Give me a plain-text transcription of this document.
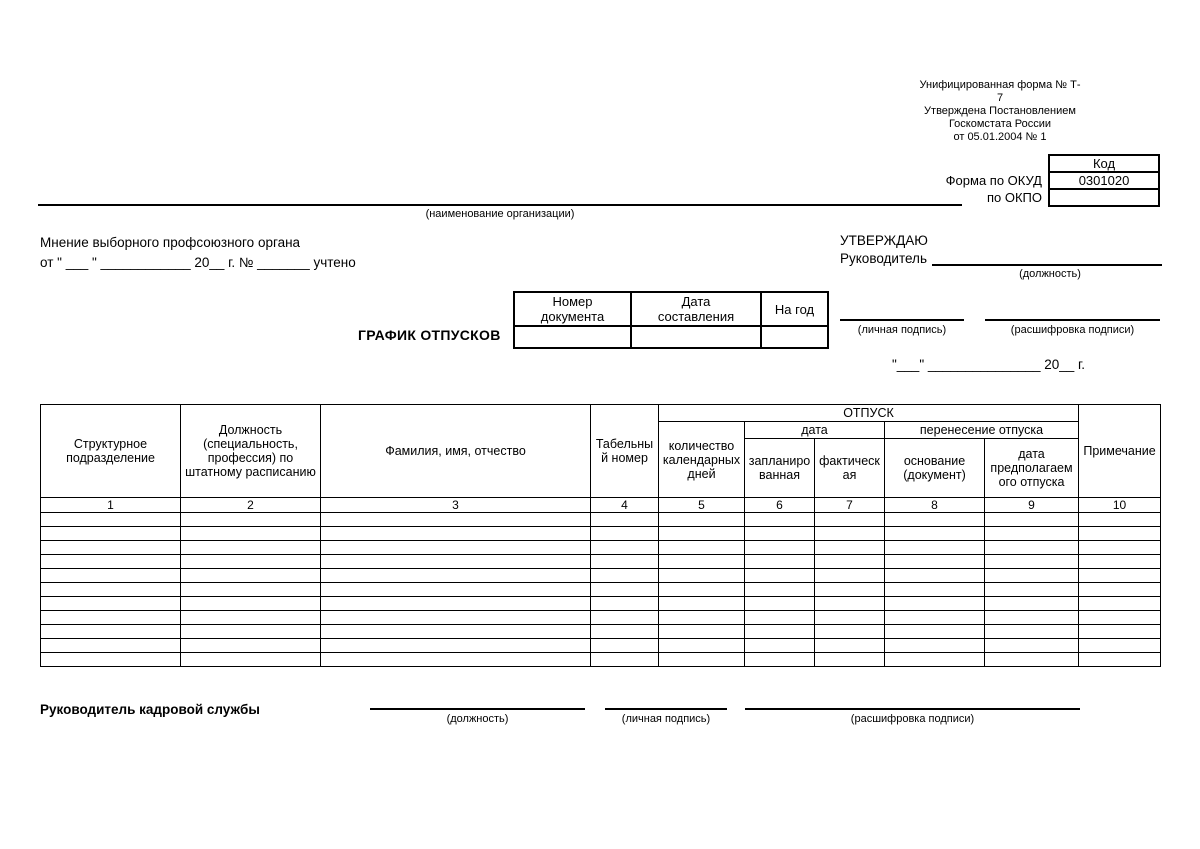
Унифицированная форма № Т-
7
Утверждена Постановлением
Госкомстата России
от 05.01.2004 № 1
Код
Форма по ОКУД	0301020
по ОКПО
(наименование организации)
Мнение выборного профсоюзного органа
от " ___ " ____________ 20__ г. № _______ учтено
УТВЕРЖДАЮ
Руководитель
(должность)
(личная подпись)	(расшифровка подписи)
"___" _______________ 20__ г.
ГРАФИК ОТПУСКОВ
Номер документа	Дата составления	На год

Структурное подразделение	Должность (специальность, профессия) по штатному расписанию	Фамилия, имя, отчество	Табельный номер	ОТПУСК					Примечание
				количество календарных дней	дата		перенесение отпуска		
					запланированная	фактическая	основание (документ)	дата предполагаемого отпуска	
1	2	3	4	5	6	7	8	9	10

Руководитель кадровой службы
(должность)	(личная подпись)	(расшифровка подписи)
